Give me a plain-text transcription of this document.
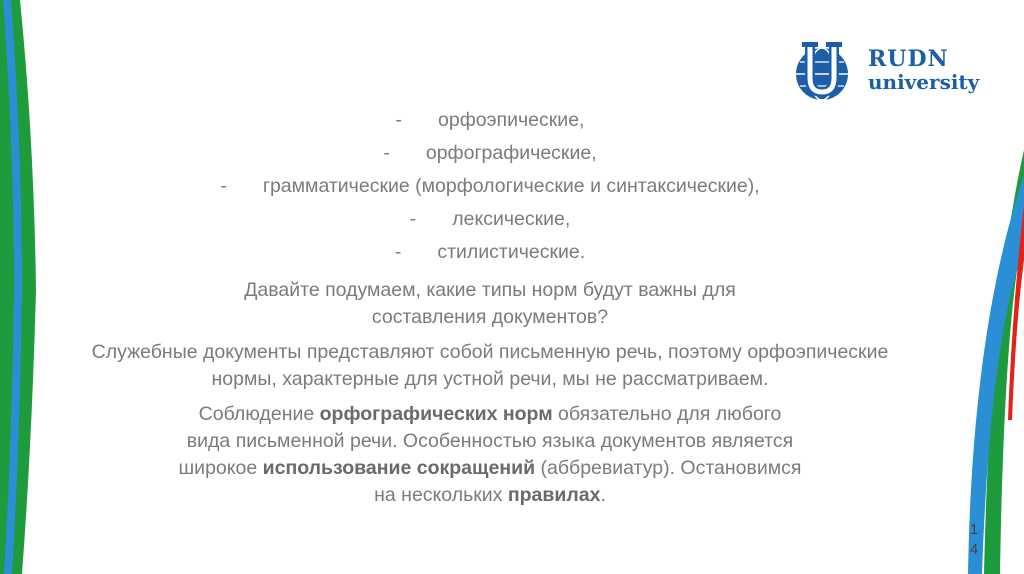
RUDN
university
- орфоэпические,
- орфографические,
- грамматические (морфологические и синтаксические),
- лексические,
- стилистические.

Давайте подумаем, какие типы норм будут важны для составления документов?

Служебные документы представляют собой письменную речь, поэтому орфоэпические нормы, характерные для устной речи, мы не рассматриваем.

Соблюдение орфографических норм обязательно для любого вида письменной речи. Особенностью языка документов является широкое использование сокращений (аббревиатур). Остановимся на нескольких правилах.

1
4
